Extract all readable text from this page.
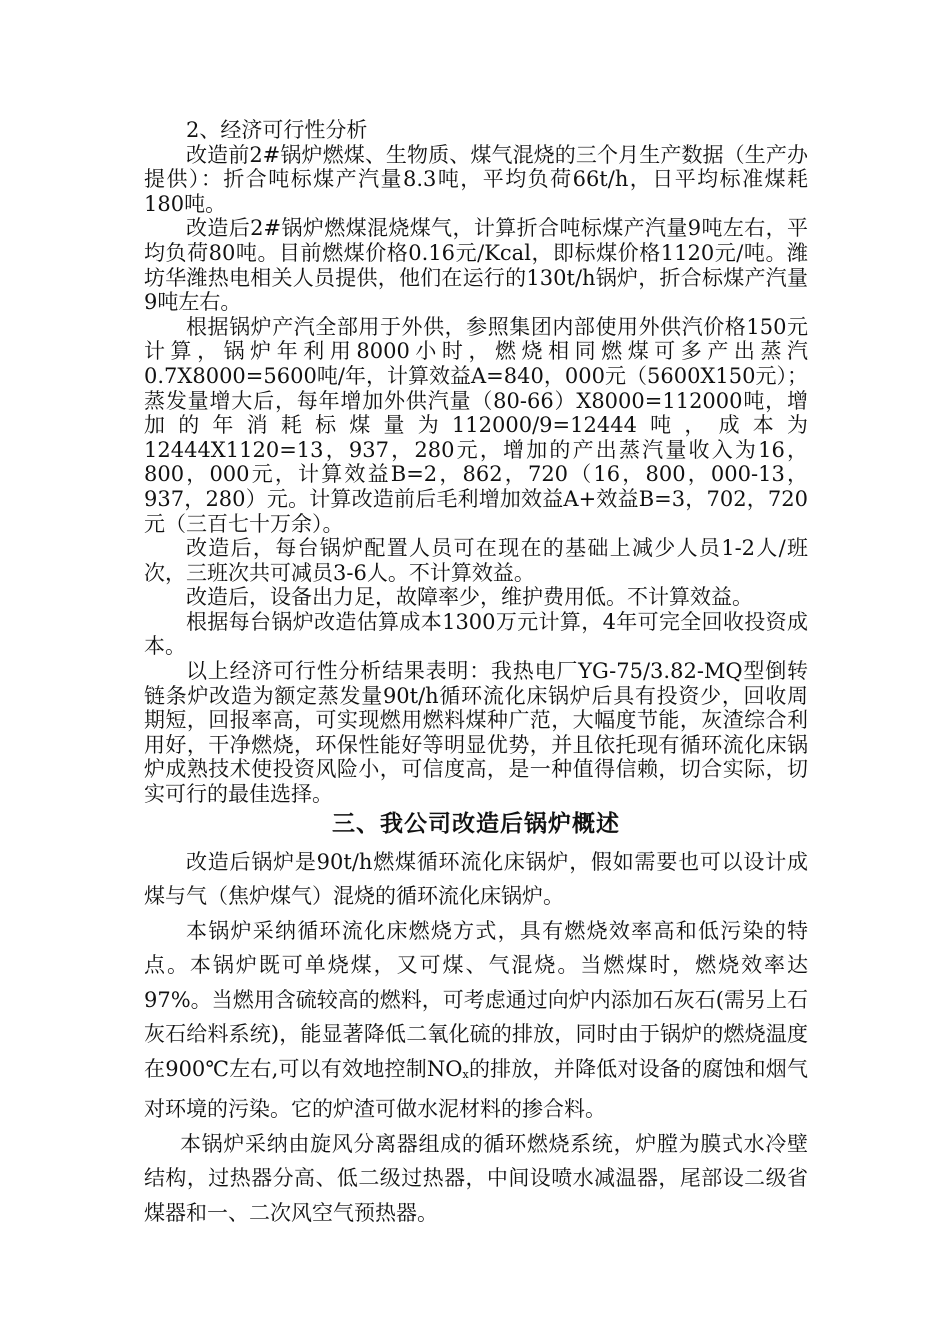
2、经济可行性分析

改造前2#锅炉燃煤、生物质、煤气混烧的三个月生产数据（生产办提供）：折合吨标煤产汽量8.3吨，平均负荷66t/h，日平均标准煤耗180吨。

改造后2#锅炉燃煤混烧煤气，计算折合吨标煤产汽量9吨左右，平均负荷80吨。目前燃煤价格0.16元/Kcal，即标煤价格1120元/吨。潍坊华潍热电相关人员提供，他们在运行的130t/h锅炉，折合标煤产汽量9吨左右。

根据锅炉产汽全部用于外供，参照集团内部使用外供汽价格150元计算，锅炉年利用8000小时，燃烧相同燃煤可多产出蒸汽0.7X8000=5600吨/年，计算效益A=840，000元（5600X150元）；蒸发量增大后，每年增加外供汽量（80-66）X8000=112000吨，增加的年消耗标煤量为112000/9=12444吨，成本为12444X1120=13，937，280元，增加的产出蒸汽量收入为16，800，000元，计算效益B=2，862，720（16，800，000-13，937，280）元。计算改造前后毛利增加效益A+效益B=3，702，720元（三百七十万余）。

改造后，每台锅炉配置人员可在现在的基础上减少人员1-2人/班次，三班次共可减员3-6人。不计算效益。

改造后，设备出力足，故障率少，维护费用低。不计算效益。

根据每台锅炉改造估算成本1300万元计算，4年可完全回收投资成本。

以上经济可行性分析结果表明：我热电厂YG-75/3.82-MQ型倒转链条炉改造为额定蒸发量90t/h循环流化床锅炉后具有投资少，回收周期短，回报率高，可实现燃用燃料煤种广范，大幅度节能，灰渣综合利用好，干净燃烧，环保性能好等明显优势，并且依托现有循环流化床锅炉成熟技术使投资风险小，可信度高，是一种值得信赖，切合实际，切实可行的最佳选择。

三、我公司改造后锅炉概述

改造后锅炉是90t/h燃煤循环流化床锅炉，假如需要也可以设计成煤与气（焦炉煤气）混烧的循环流化床锅炉。

本锅炉采纳循环流化床燃烧方式，具有燃烧效率高和低污染的特点。本锅炉既可单烧煤，又可煤、气混烧。当燃煤时，燃烧效率达97%。当燃用含硫较高的燃料，可考虑通过向炉内添加石灰石(需另上石灰石给料系统)，能显著降低二氧化硫的排放，同时由于锅炉的燃烧温度在900℃左右,可以有效地控制$NO_x$的排放，并降低对设备的腐蚀和烟气对环境的污染。它的炉渣可做水泥材料的掺合料。

本锅炉采纳由旋风分离器组成的循环燃烧系统，炉膛为膜式水冷壁结构，过热器分高、低二级过热器，中间设喷水减温器，尾部设二级省煤器和一、二次风空气预热器。
